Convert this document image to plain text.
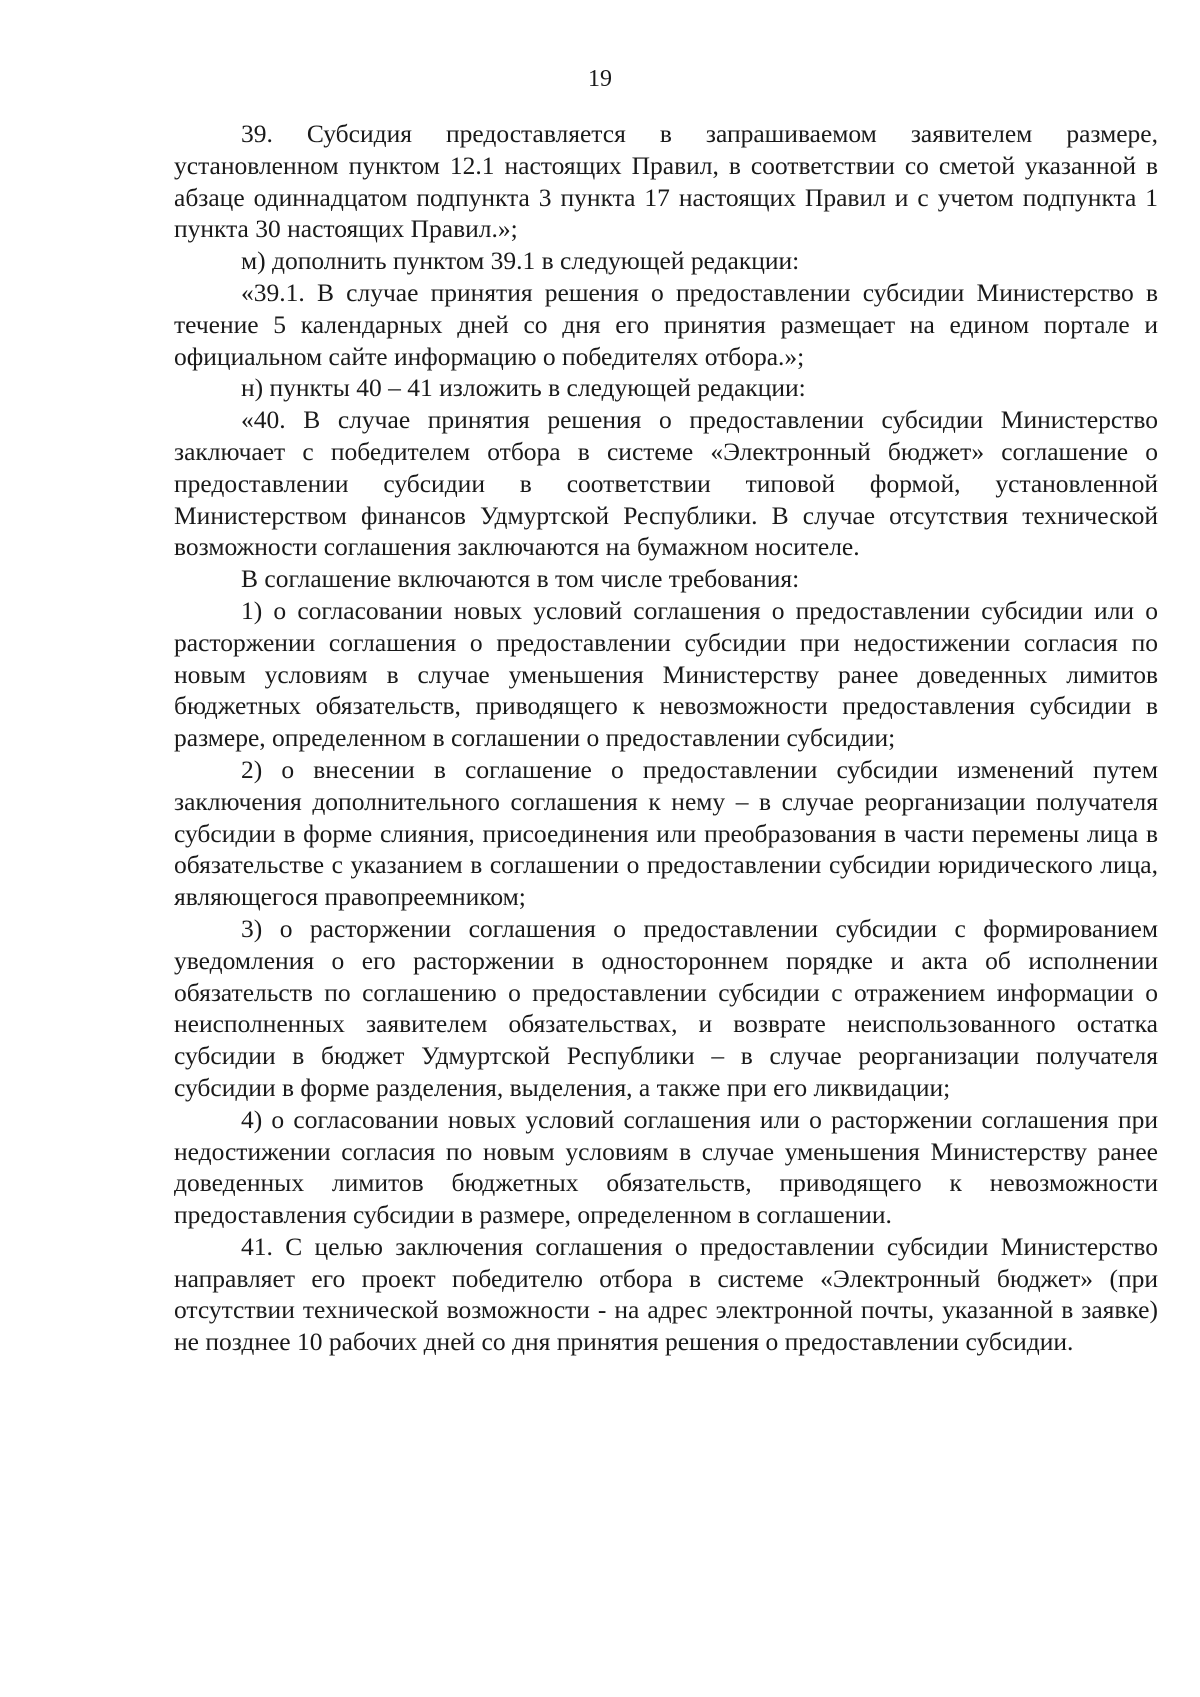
19

39. Субсидия предоставляется в запрашиваемом заявителем размере, установленном пунктом 12.1 настоящих Правил, в соответствии со сметой указанной в абзаце одиннадцатом подпункта 3 пункта 17 настоящих Правил и с учетом подпункта 1 пункта 30 настоящих Правил.»;

м) дополнить пунктом 39.1 в следующей редакции:

«39.1. В случае принятия решения о предоставлении субсидии Министерство в течение 5 календарных дней со дня его принятия размещает на едином портале и официальном сайте информацию о победителях отбора.»;

н) пункты 40 – 41 изложить в следующей редакции:

«40. В случае принятия решения о предоставлении субсидии Министерство заключает с победителем отбора в системе «Электронный бюджет» соглашение о предоставлении субсидии в соответствии типовой формой, установленной Министерством финансов Удмуртской Республики. В случае отсутствия технической возможности соглашения заключаются на бумажном носителе.

В соглашение включаются в том числе требования:

1) о согласовании новых условий соглашения о предоставлении субсидии или о расторжении соглашения о предоставлении субсидии при недостижении согласия по новым условиям в случае уменьшения Министерству ранее доведенных лимитов бюджетных обязательств, приводящего к невозможности предоставления субсидии в размере, определенном в соглашении о предоставлении субсидии;

2) о внесении в соглашение о предоставлении субсидии изменений путем заключения дополнительного соглашения к нему – в случае реорганизации получателя субсидии в форме слияния, присоединения или преобразования в части перемены лица в обязательстве с указанием в соглашении о предоставлении субсидии юридического лица, являющегося правопреемником;

3) о расторжении соглашения о предоставлении субсидии с формированием уведомления о его расторжении в одностороннем порядке и акта об исполнении обязательств по соглашению о предоставлении субсидии с отражением информации о неисполненных заявителем обязательствах, и возврате неиспользованного остатка субсидии в бюджет Удмуртской Республики – в случае реорганизации получателя субсидии в форме разделения, выделения, а также при его ликвидации;

4) о согласовании новых условий соглашения или о расторжении соглашения при недостижении согласия по новым условиям в случае уменьшения Министерству ранее доведенных лимитов бюджетных обязательств, приводящего к невозможности предоставления субсидии в размере, определенном в соглашении.

41. С целью заключения соглашения о предоставлении субсидии Министерство направляет его проект победителю отбора в системе «Электронный бюджет» (при отсутствии технической возможности - на адрес электронной почты, указанной в заявке) не позднее 10 рабочих дней со дня принятия решения о предоставлении субсидии.
